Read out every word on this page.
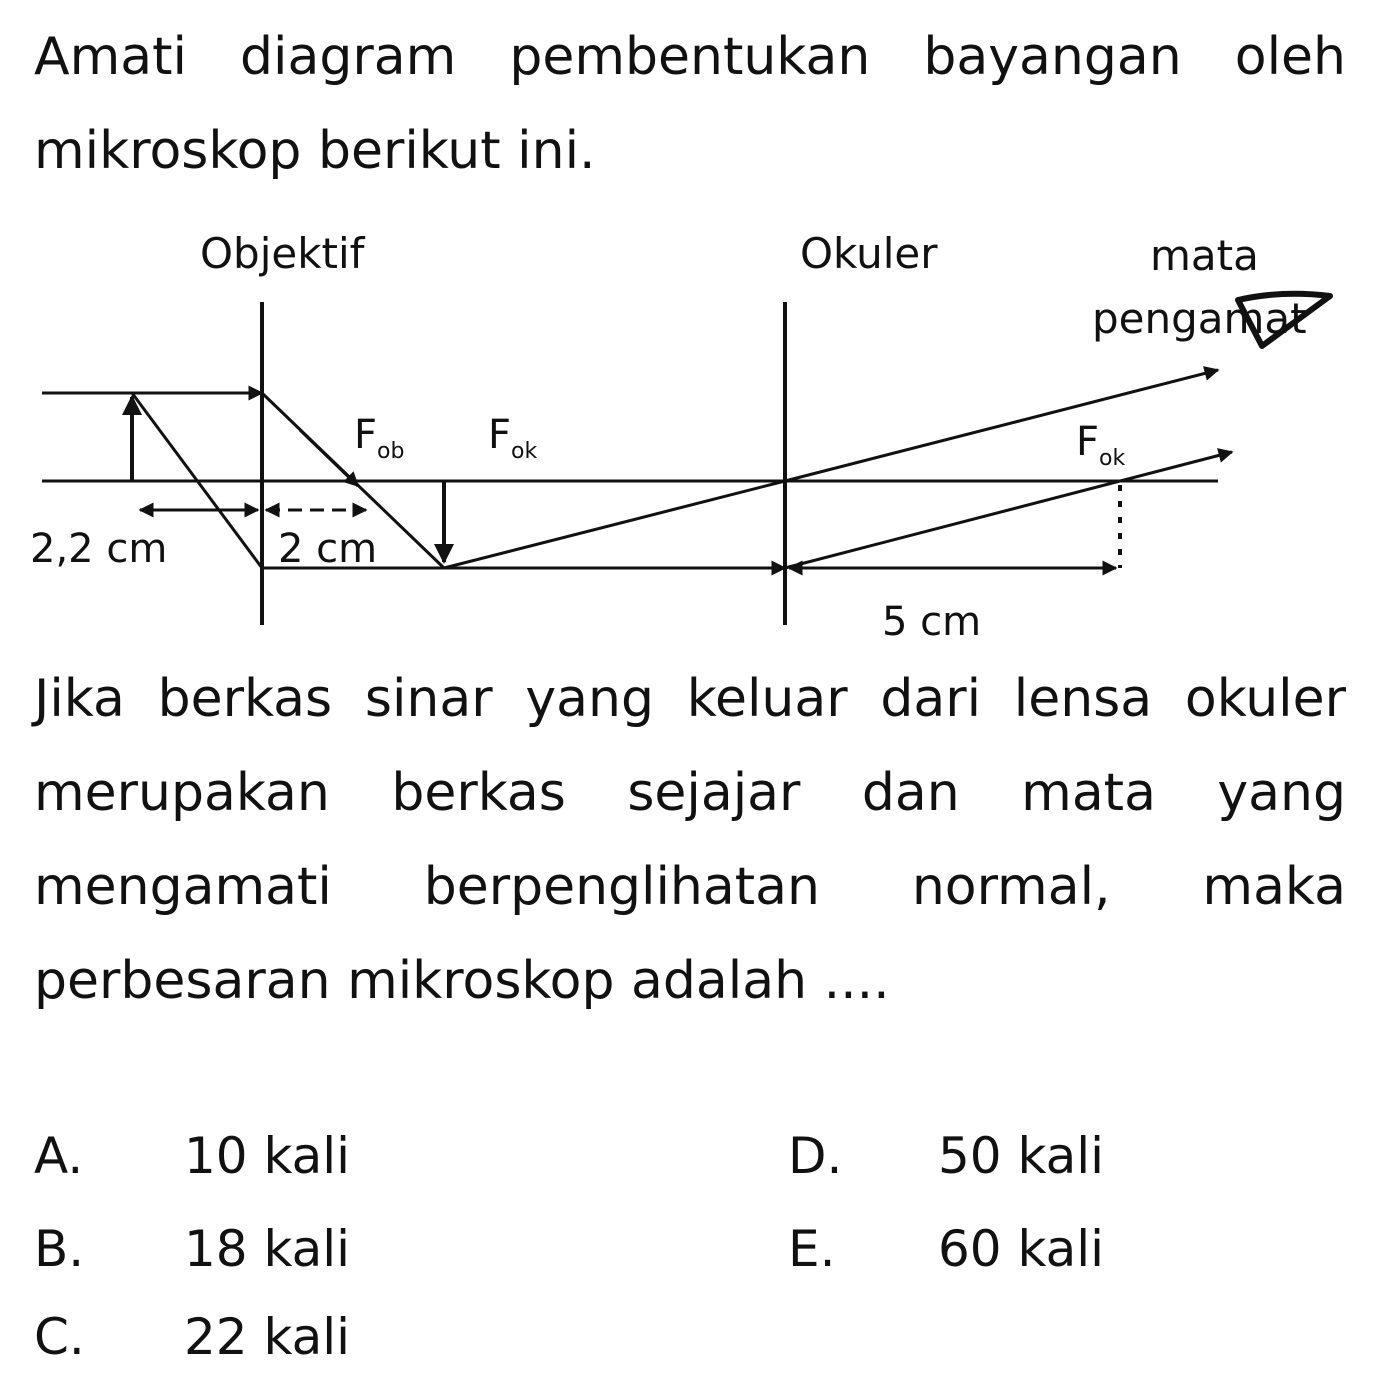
Amati diagram pembentukan bayangan oleh mikroskop berikut ini.

Objektif	Okuler	mata
pengamat
2,2 cm	2 cm
5 cm
Fob Fok	Fok

Jika berkas sinar yang keluar dari lensa okuler merupakan berkas sejajar dan mata yang mengamati berpenglihatan normal, maka perbesaran mikroskop adalah ....

A.	10 kali
B.	18 kali
C.	22 kali
D.	50 kali
E.	60 kali
